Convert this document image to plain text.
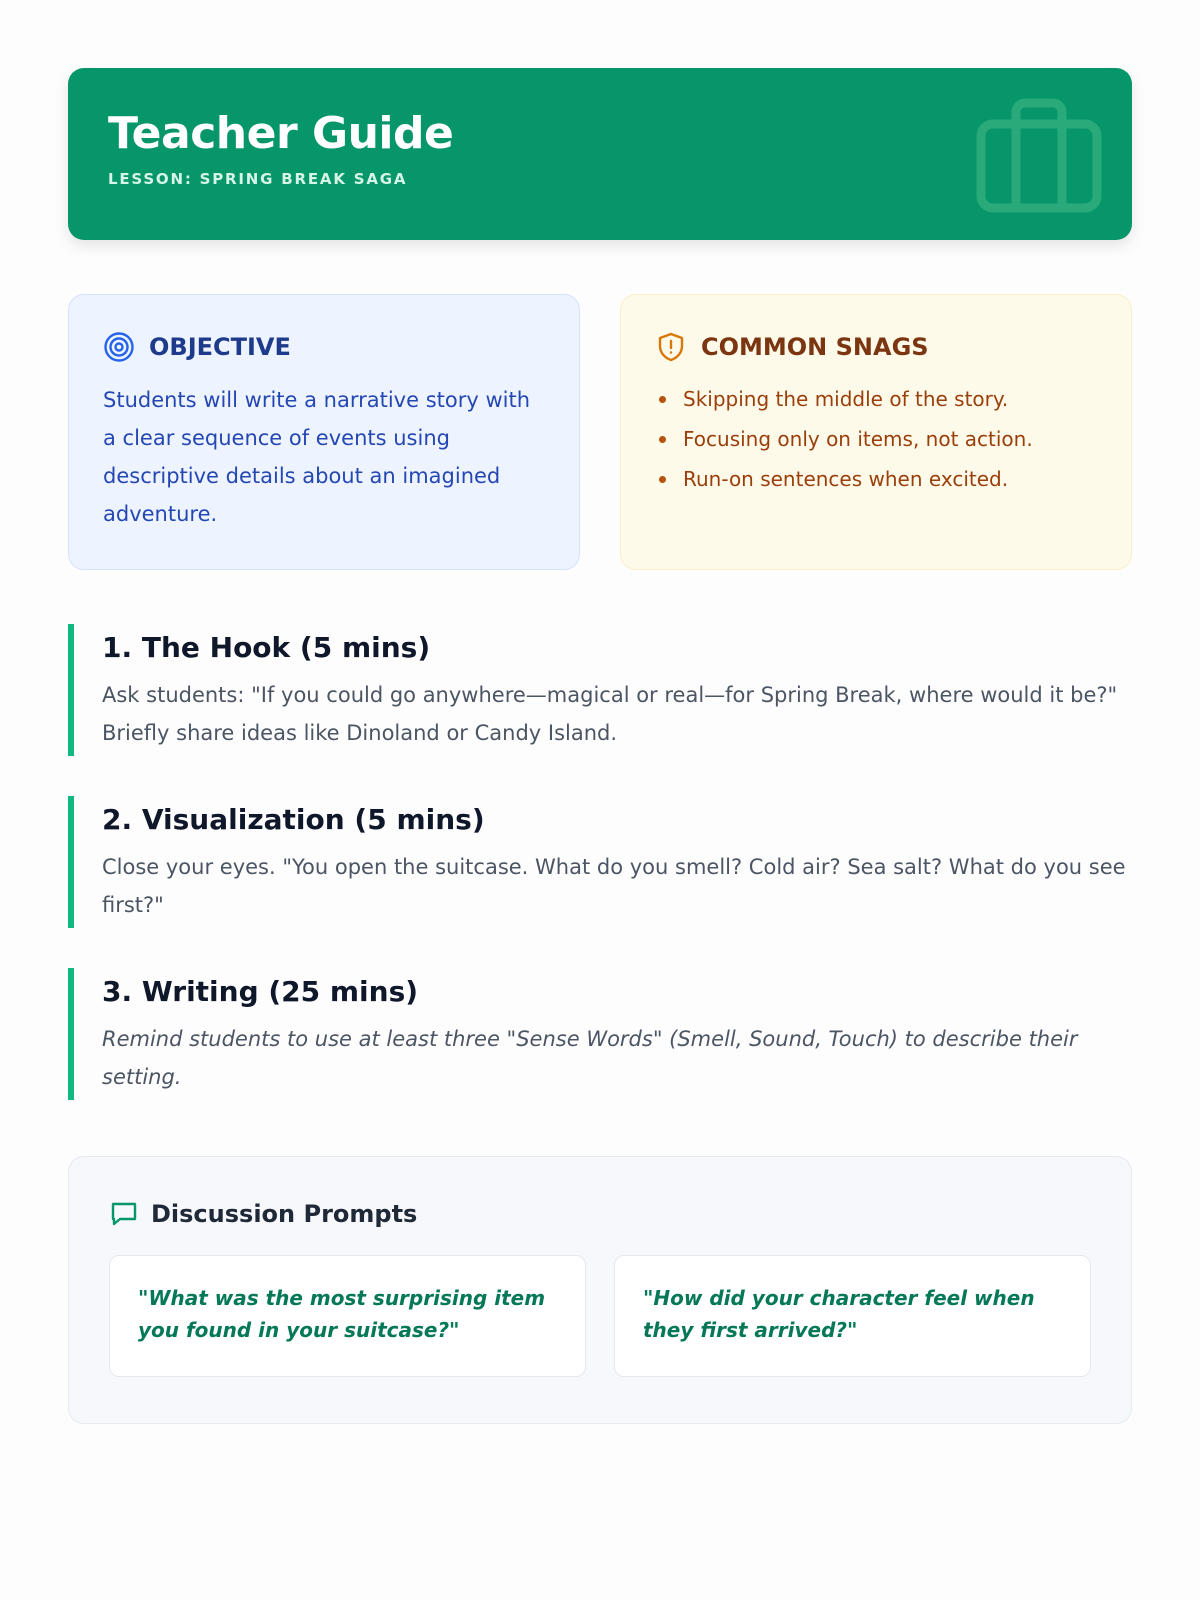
Teacher Guide
LESSON: SPRING BREAK SAGA
OBJECTIVE

Students will write a narrative story with a clear sequence of events using descriptive details about an imagined adventure.

COMMON SNAGS
Skipping the middle of the story.
Focusing only on items, not action.
Run-on sentences when excited.
1. The Hook (5 mins)

Ask students: "If you could go anywhere—magical or real—for Spring Break, where would it be?" Briefly share ideas like Dinoland or Candy Island.

2. Visualization (5 mins)

Close your eyes. "You open the suitcase. What do you smell? Cold air? Sea salt? What do you see first?"

3. Writing (25 mins)

Remind students to use at least three "Sense Words" (Smell, Sound, Touch) to describe their setting.

Discussion Prompts
"What was the most surprising item you found in your suitcase?"
"How did your character feel when they first arrived?"
